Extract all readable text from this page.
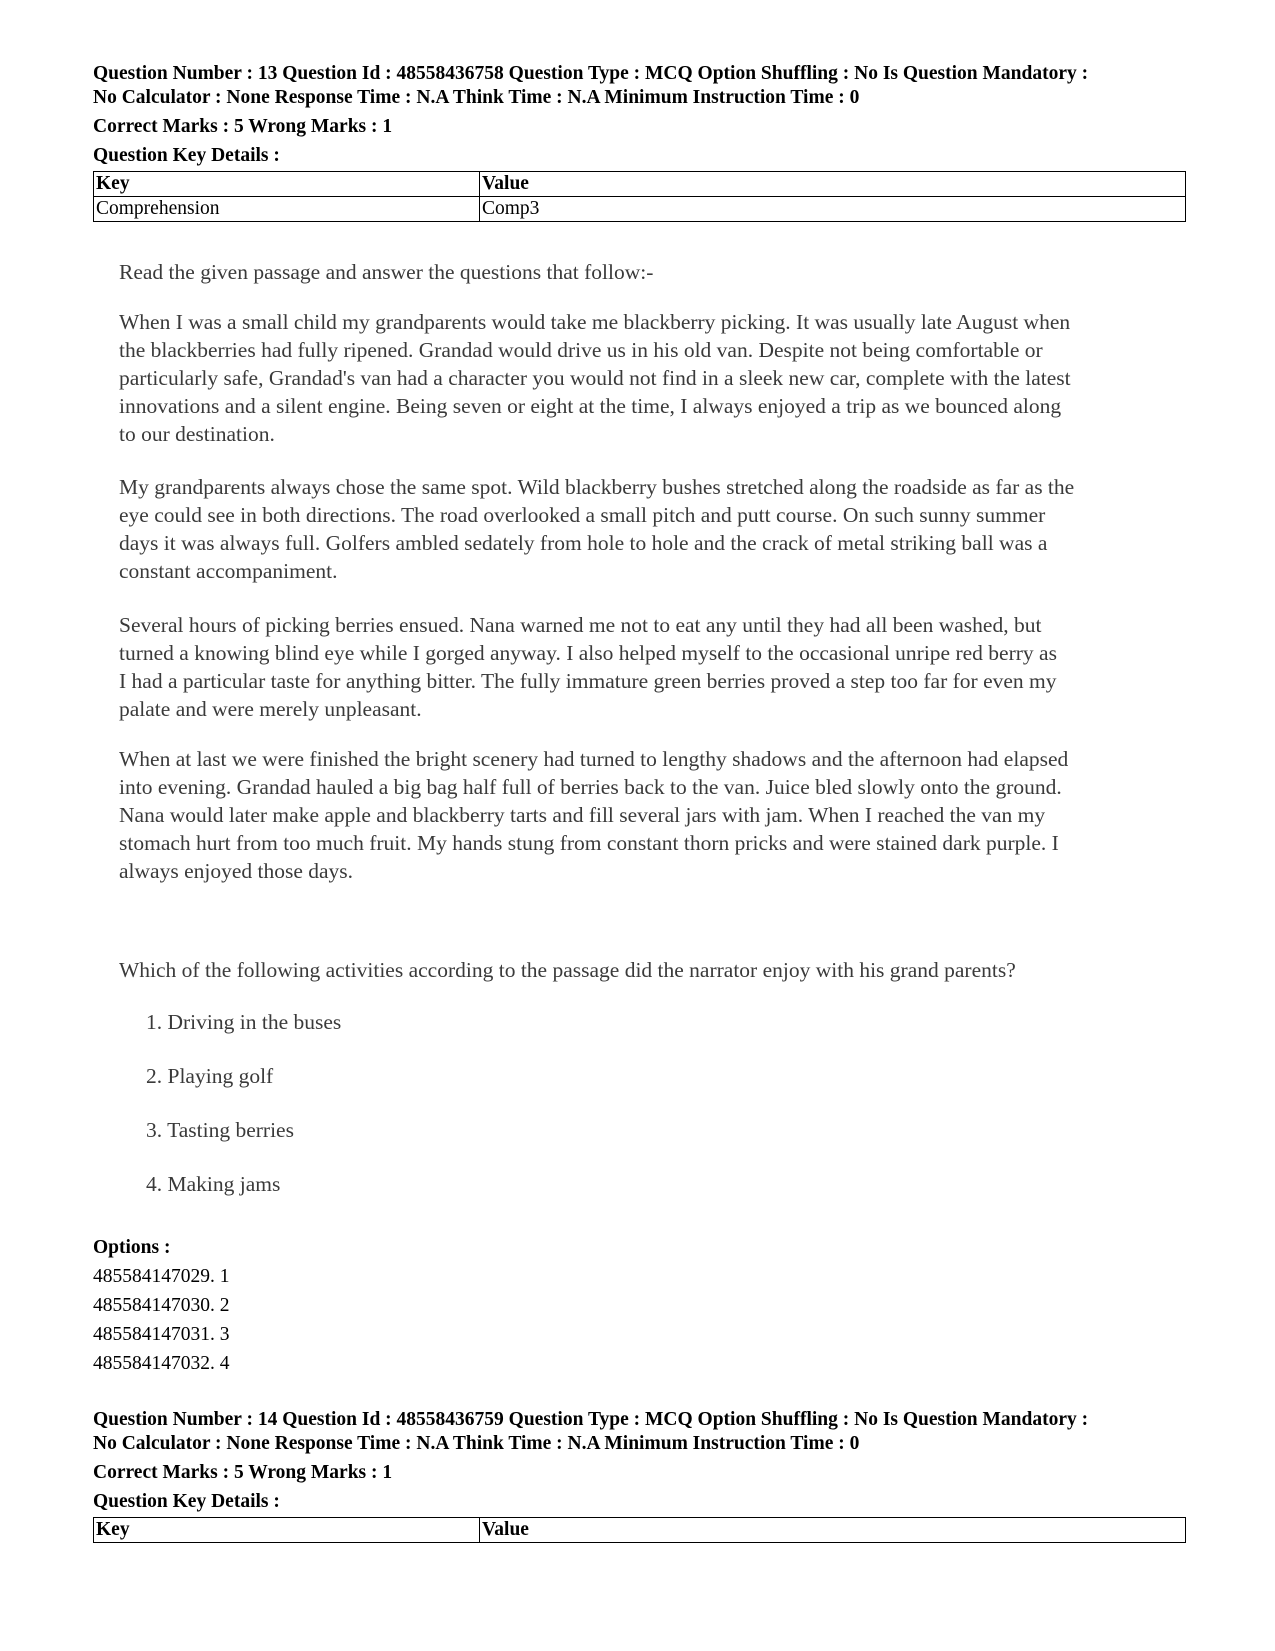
Question Number : 13 Question Id : 48558436758 Question Type : MCQ Option Shuffling : No Is Question Mandatory :
No Calculator : None Response Time : N.A Think Time : N.A Minimum Instruction Time : 0
Correct Marks : 5 Wrong Marks : 1
Question Key Details :
Key	Value
Comprehension	Comp3
Read the given passage and answer the questions that follow:-

When I was a small child my grandparents would take me blackberry picking. It was usually late August when

the blackberries had fully ripened. Grandad would drive us in his old van. Despite not being comfortable or

particularly safe, Grandad's van had a character you would not find in a sleek new car, complete with the latest

innovations and a silent engine. Being seven or eight at the time, I always enjoyed a trip as we bounced along

to our destination.

My grandparents always chose the same spot. Wild blackberry bushes stretched along the roadside as far as the

eye could see in both directions. The road overlooked a small pitch and putt course. On such sunny summer

days it was always full. Golfers ambled sedately from hole to hole and the crack of metal striking ball was a

constant accompaniment.

Several hours of picking berries ensued. Nana warned me not to eat any until they had all been washed, but

turned a knowing blind eye while I gorged anyway. I also helped myself to the occasional unripe red berry as

I had a particular taste for anything bitter. The fully immature green berries proved a step too far for even my

palate and were merely unpleasant.

When at last we were finished the bright scenery had turned to lengthy shadows and the afternoon had elapsed

into evening. Grandad hauled a big bag half full of berries back to the van. Juice bled slowly onto the ground.

Nana would later make apple and blackberry tarts and fill several jars with jam. When I reached the van my

stomach hurt from too much fruit. My hands stung from constant thorn pricks and were stained dark purple. I

always enjoyed those days.

Which of the following activities according to the passage did the narrator enjoy with his grand parents?
1. Driving in the buses
2. Playing golf
3. Tasting berries
4. Making jams
Options :
485584147029. 1
485584147030. 2
485584147031. 3
485584147032. 4
Question Number : 14 Question Id : 48558436759 Question Type : MCQ Option Shuffling : No Is Question Mandatory :
No Calculator : None Response Time : N.A Think Time : N.A Minimum Instruction Time : 0
Correct Marks : 5 Wrong Marks : 1
Question Key Details :
Key	Value
